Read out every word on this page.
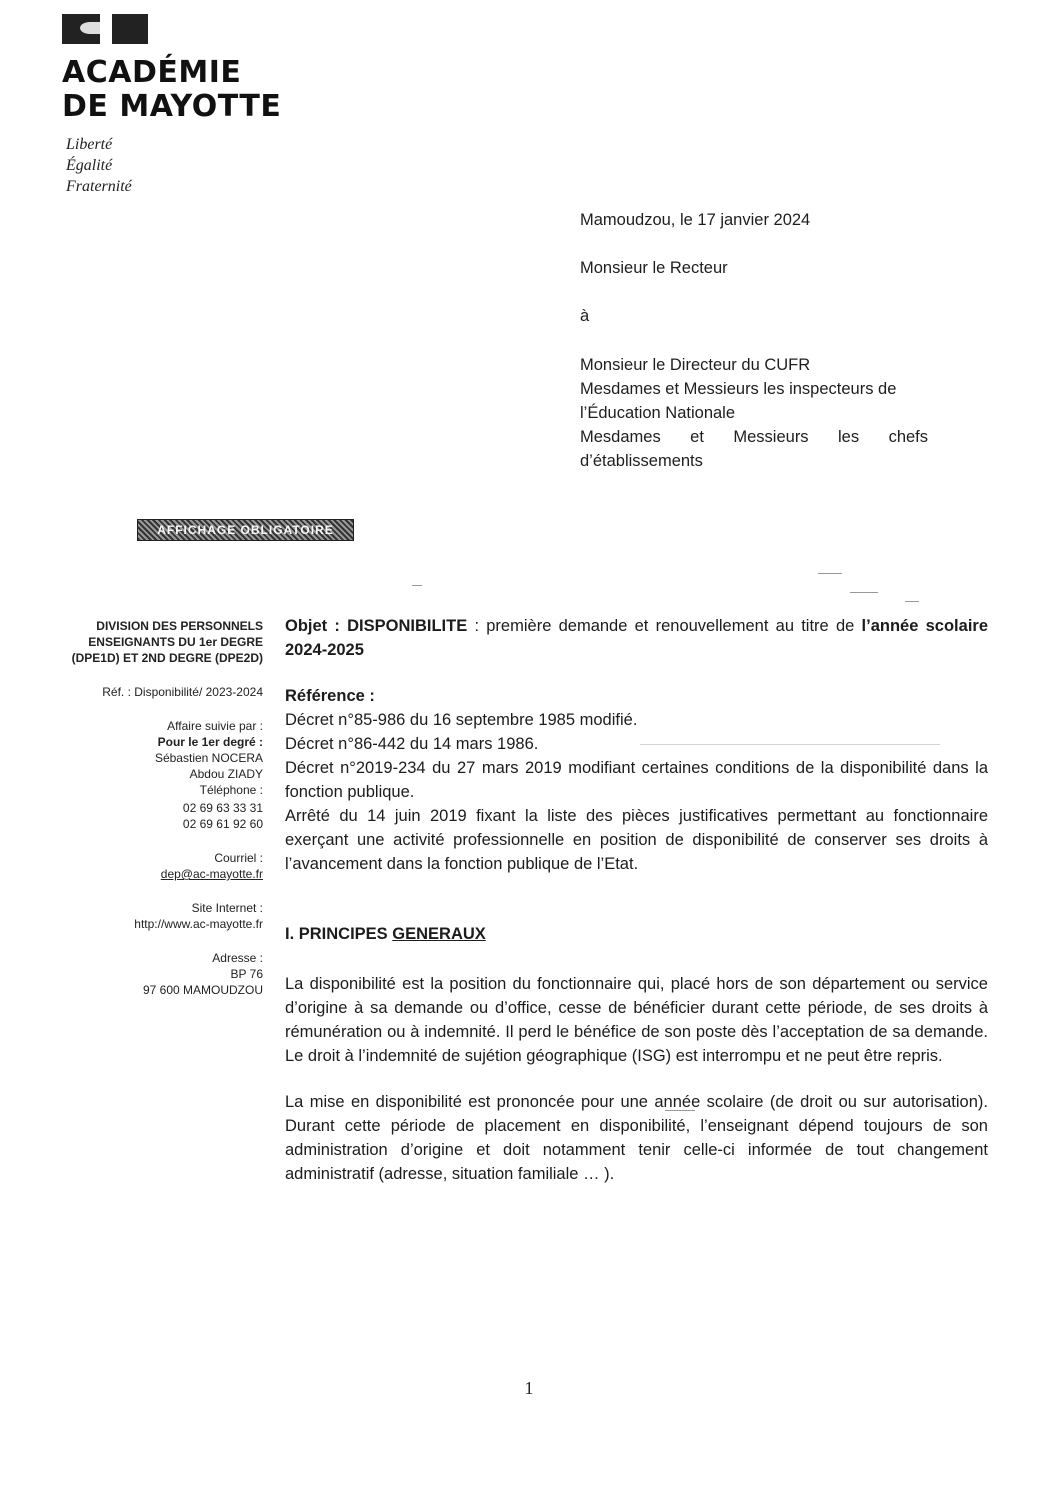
ACADÉMIE
DE MAYOTTE
Liberté
Égalité
Fraternité

Mamoudzou, le 17 janvier 2024

Monsieur le Recteur

à

Monsieur le Directeur du CUFR

Mesdames et Messieurs les inspecteurs de

l’Éducation Nationale

Mesdames et Messieurs les chefs

d’établissements

AFFICHAGE OBLIGATOIRE
DIVISION DES PERSONNELS
ENSEIGNANTS DU 1er DEGRE
(DPE1D) ET 2ND DEGRE (DPE2D)
Réf. : Disponibilité/ 2023-2024
Affaire suivie par :
Pour le 1er degré :
Sébastien NOCERA
Abdou ZIADY
Téléphone :
02 69 63 33 31
02 69 61 92 60
Courriel :
dep@ac-mayotte.fr
Site Internet :
http://www.ac-mayotte.fr
Adresse :
BP 76
97 600 MAMOUDZOU

Objet : DISPONIBILITE : première demande et renouvellement au titre de l’année scolaire 2024-2025

Référence :

Décret n°85-986 du 16 septembre 1985 modifié.

Décret n°86-442 du 14 mars 1986.

Décret n°2019-234 du 27 mars 2019 modifiant certaines conditions de la disponibilité dans la fonction publique.

Arrêté du 14 juin 2019 fixant la liste des pièces justificatives permettant au fonctionnaire exerçant une activité professionnelle en position de disponibilité de conserver ses droits à l’avancement dans la fonction publique de l’Etat.

I. PRINCIPES GENERAUX

La disponibilité est la position du fonctionnaire qui, placé hors de son département ou service d’origine à sa demande ou d’office, cesse de bénéficier durant cette période, de ses droits à rémunération ou à indemnité. Il perd le bénéfice de son poste dès l’acceptation de sa demande. Le droit à l’indemnité de sujétion géographique (ISG) est interrompu et ne peut être repris.

La mise en disponibilité est prononcée pour une année scolaire (de droit ou sur autorisation). Durant cette période de placement en disponibilité, l’enseignant dépend toujours de son administration d’origine et doit notamment tenir celle-ci informée de tout changement administratif (adresse, situation familiale … ).

1
